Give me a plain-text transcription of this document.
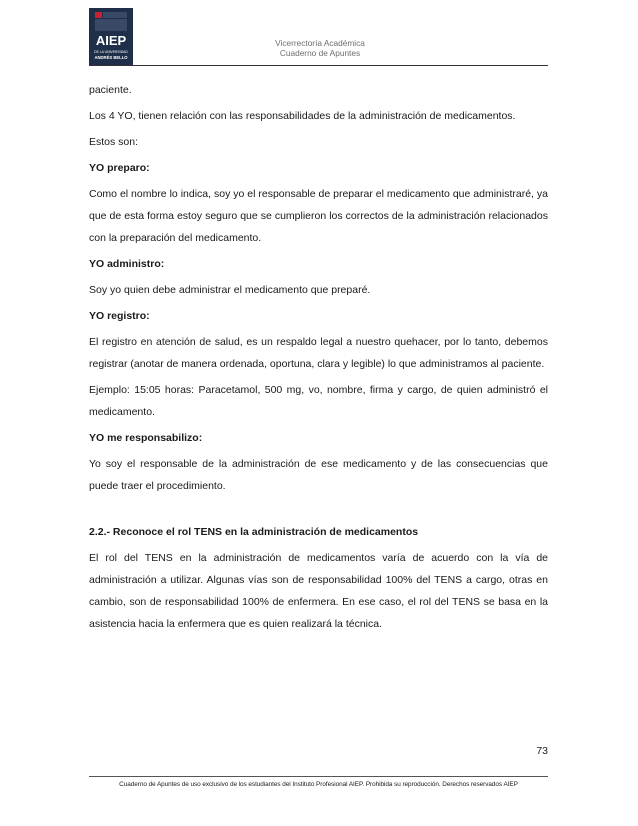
AIEP
DE LA UNIVERSIDAD
ANDRÉS BELLO
Vicerrectoría Académica
Cuaderno de Apuntes

paciente.

Los 4 YO, tienen relación con las responsabilidades de la administración de medicamentos.

Estos son:

YO preparo:

Como el nombre lo indica, soy yo el responsable de preparar el medicamento que administraré, ya que de esta forma estoy seguro que se cumplieron los correctos de la administración relacionados con la preparación del medicamento.

YO administro:

Soy yo quien debe administrar el medicamento que preparé.

YO registro:

El registro en atención de salud, es un respaldo legal a nuestro quehacer, por lo tanto, debemos registrar (anotar de manera ordenada, oportuna, clara y legible) lo que administramos al paciente.

Ejemplo: 15:05 horas: Paracetamol, 500 mg, vo, nombre, firma y cargo, de quien administró el medicamento.

YO me responsabilizo:

Yo soy el responsable de la administración de ese medicamento y de las consecuencias que puede traer el procedimiento.

2.2.- Reconoce el rol TENS en la administración de medicamentos

El rol del TENS en la administración de medicamentos varía de acuerdo con la vía de administración a utilizar. Algunas vías son de responsabilidad 100% del TENS a cargo, otras en cambio, son de responsabilidad 100% de enfermera. En ese caso, el rol del TENS se basa en la asistencia hacia la enfermera que es quien realizará la técnica.

73
Cuaderno de Apuntes de uso exclusivo de los estudiantes del Instituto Profesional AIEP. Prohibida su reproducción. Derechos reservados AIEP
